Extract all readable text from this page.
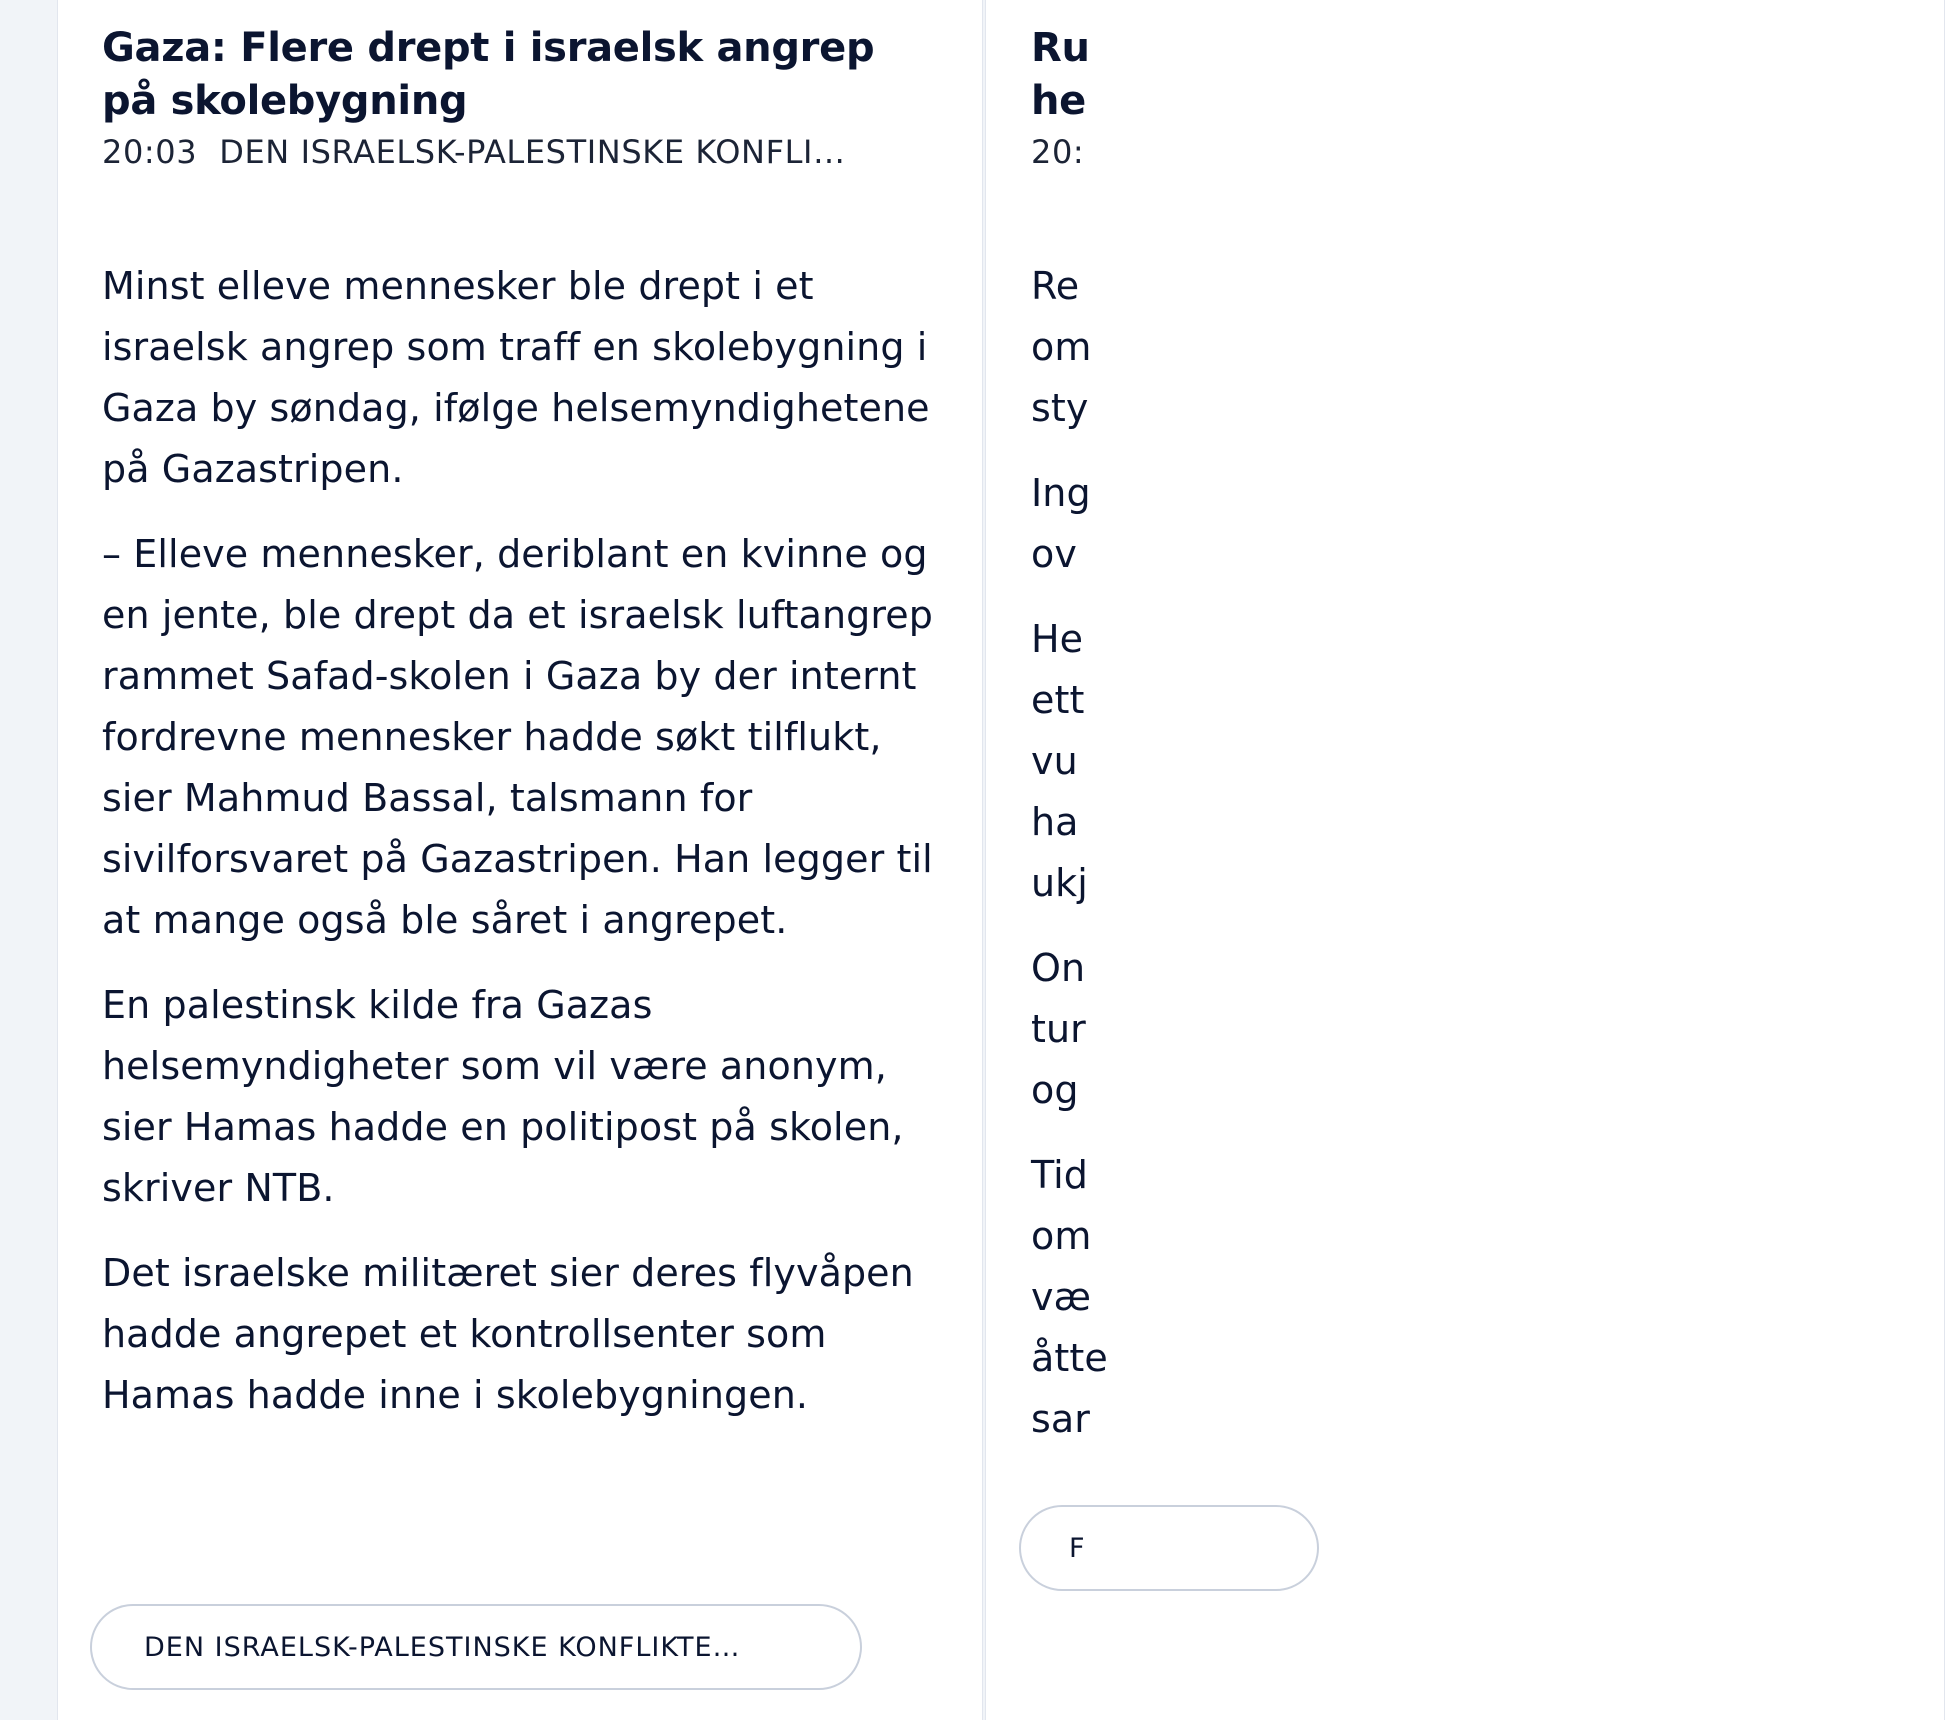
Gaza: Flere drept i israelsk angrep på skolebygning
20:03 DEN ISRAELSK-PALESTINSKE KONFLI…

Minst elleve mennesker ble drept i et israelsk angrep som traff en skolebygning i Gaza by søndag, ifølge helsemyndighetene på Gazastripen.

– Elleve mennesker, deriblant en kvinne og en jente, ble drept da et israelsk luftangrep rammet Safad-skolen i Gaza by der internt fordrevne mennesker hadde søkt tilflukt, sier Mahmud Bassal, talsmann for sivilforsvaret på Gazastripen. Han legger til at mange også ble såret i angrepet.

En palestinsk kilde fra Gazas helsemyndigheter som vil være anonym, sier Hamas hadde en politipost på skolen, skriver NTB.

Det israelske militæret sier deres flyvåpen hadde angrepet et kontrollsenter som Hamas hadde inne i skolebygningen.

DEN ISRAELSK-PALESTINSKE KONFLIKTE…
Ru he
20:

Re om sty

Ing ov

He ett vu ha ukj

On tur og

Tid om væ åtte sar

F
